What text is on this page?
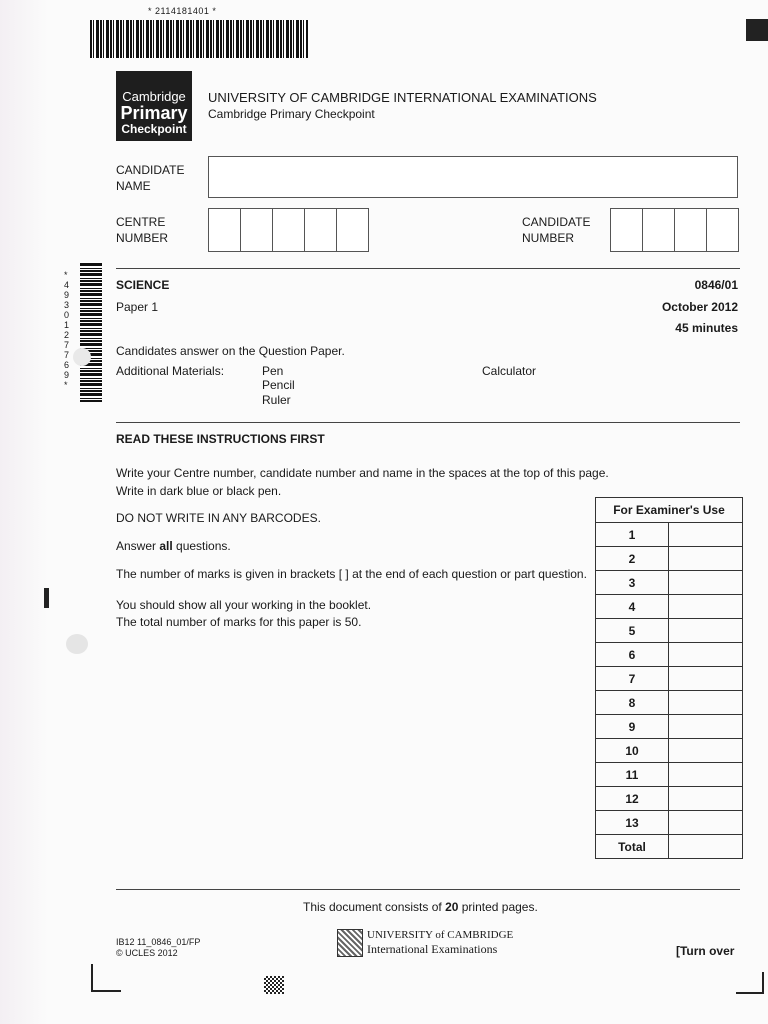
* 2114181401 *
Cambridge
Primary
Checkpoint
UNIVERSITY OF CAMBRIDGE INTERNATIONAL EXAMINATIONS
Cambridge Primary Checkpoint
CANDIDATE
NAME
CENTRE
NUMBER
CANDIDATE
NUMBER
* 4 9 3 0 1 2 7 7 6 9 *
SCIENCE
Paper 1
0846/01
October 2012
45 minutes
Candidates answer on the Question Paper.
Additional Materials:	Pen
Pencil
Ruler
Calculator
READ THESE INSTRUCTIONS FIRST
Write your Centre number, candidate number and name in the spaces at the top of this page.
Write in dark blue or black pen.
DO NOT WRITE IN ANY BARCODES.
Answer all questions.
The number of marks is given in brackets [ ] at the end of each question or part question.
You should show all your working in the booklet.
The total number of marks for this paper is 50.
For Examiner's Use	
1	
2	
3	
4	
5	
6	
7	
8	
9	
10	
11	
12	
13	
Total	
This document consists of 20 printed pages.
IB12 11_0846_01/FP
© UCLES 2012
UNIVERSITY of CAMBRIDGE
International Examinations	[Turn over
